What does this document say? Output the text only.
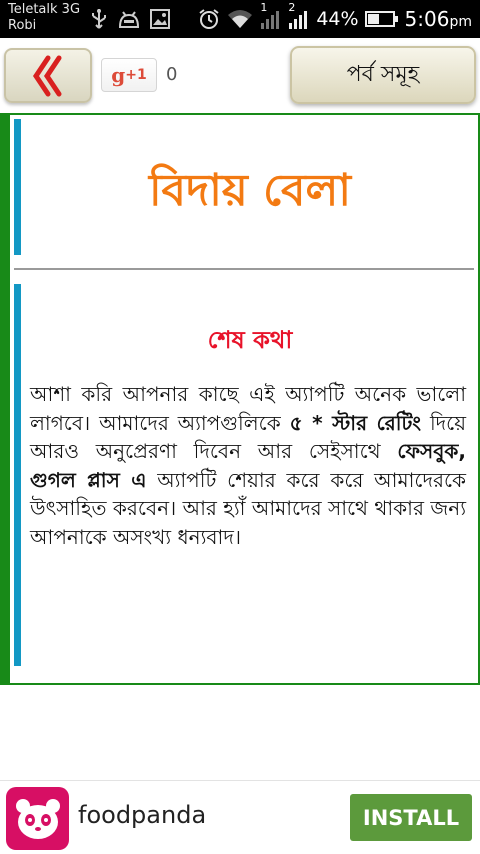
Teletalk 3G
Robi
1 2
44% 5:06pm
g +1 0	পর্ব সমূহ
বিদায় বেলা
শেষ কথা

আশা করি আপনার কাছে এই অ্যাপটি অনেক ভালো লাগবে। আমাদের অ্যাপগুলিকে ৫ * স্টার রেটিং দিয়ে আরও অনুপ্রেরণা দিবেন আর সেইসাথে ফেসবুক, গুগল প্লাস এ অ্যাপটি শেয়ার করে করে আমাদেরকে উৎসাহিত করবেন। আর হ্যাঁ আমাদের সাথে থাকার জন্য আপনাকে অসংখ্য ধন্যবাদ।

foodpanda	INSTALL
